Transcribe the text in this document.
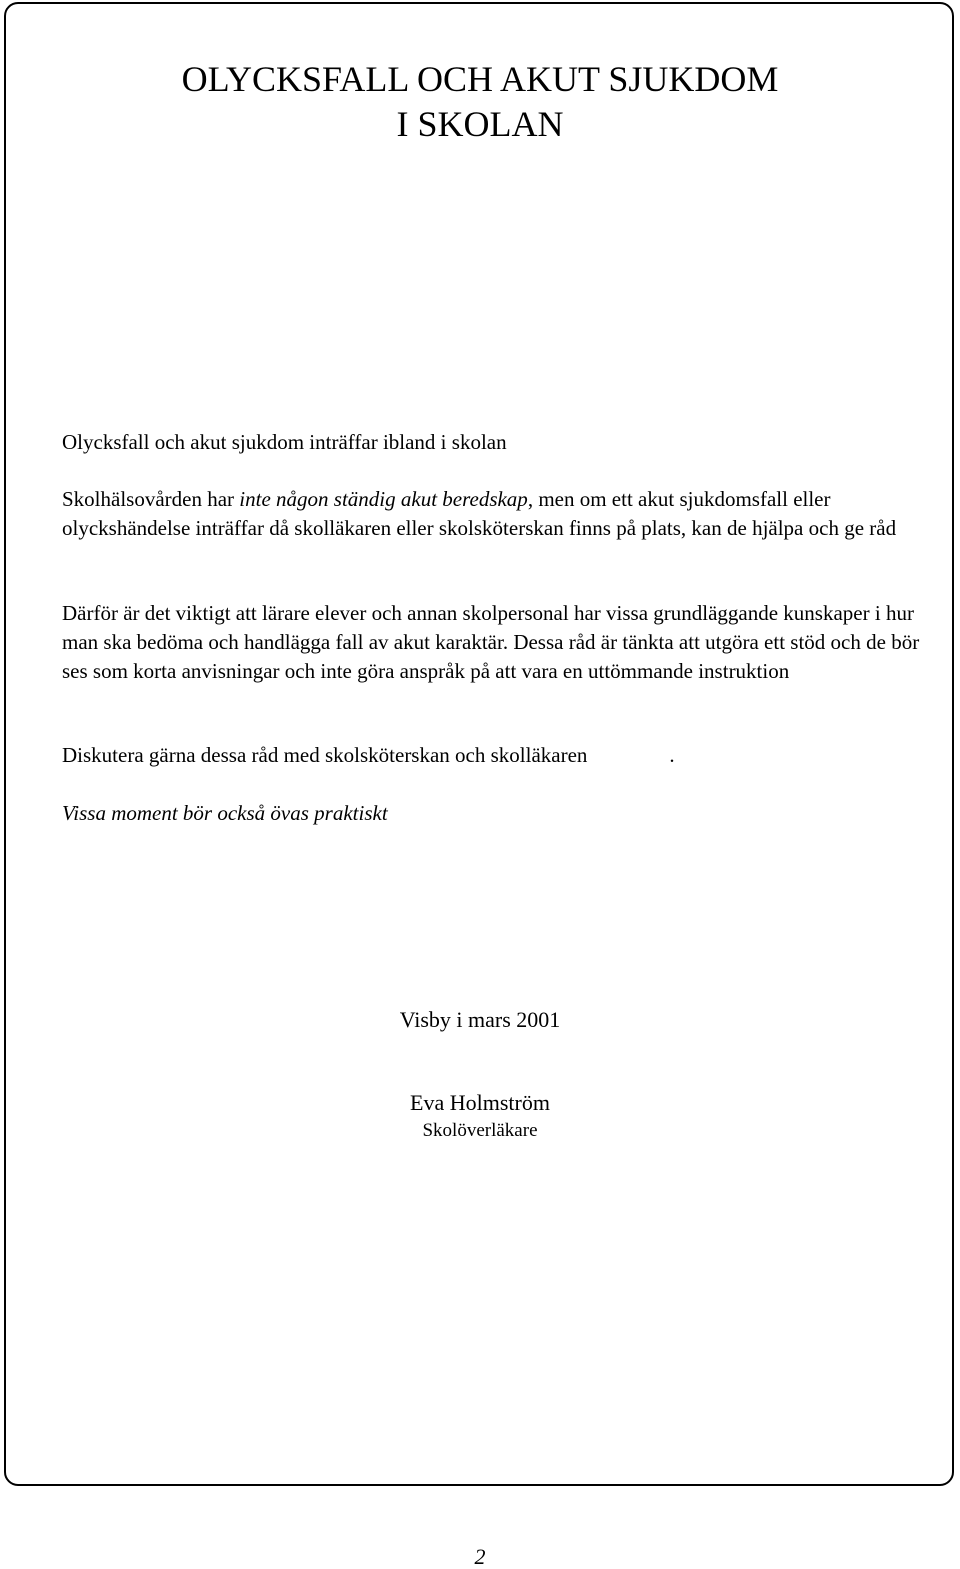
OLYCKSFALL OCH AKUT SJUKDOM
I SKOLAN

Olycksfall och akut sjukdom inträffar ibland i skolan

Skolhälsovården har inte någon ständig akut beredskap, men om ett akut sjukdomsfall eller olyckshändelse inträffar då skolläkaren eller skolsköterskan finns på plats, kan de hjälpa och ge råd

Därför är det viktigt att lärare elever och annan skolpersonal har vissa grundläggande kunskaper i hur man ska bedöma och handlägga fall av akut karaktär. Dessa råd är tänkta att utgöra ett stöd och de bör ses som korta anvisningar och inte göra anspråk på att vara en uttömmande instruktion

Diskutera gärna dessa råd med skolsköterskan och skolläkaren	.

Vissa moment bör också övas praktiskt

Visby i mars 2001

Eva Holmström

Skolöverläkare

2
